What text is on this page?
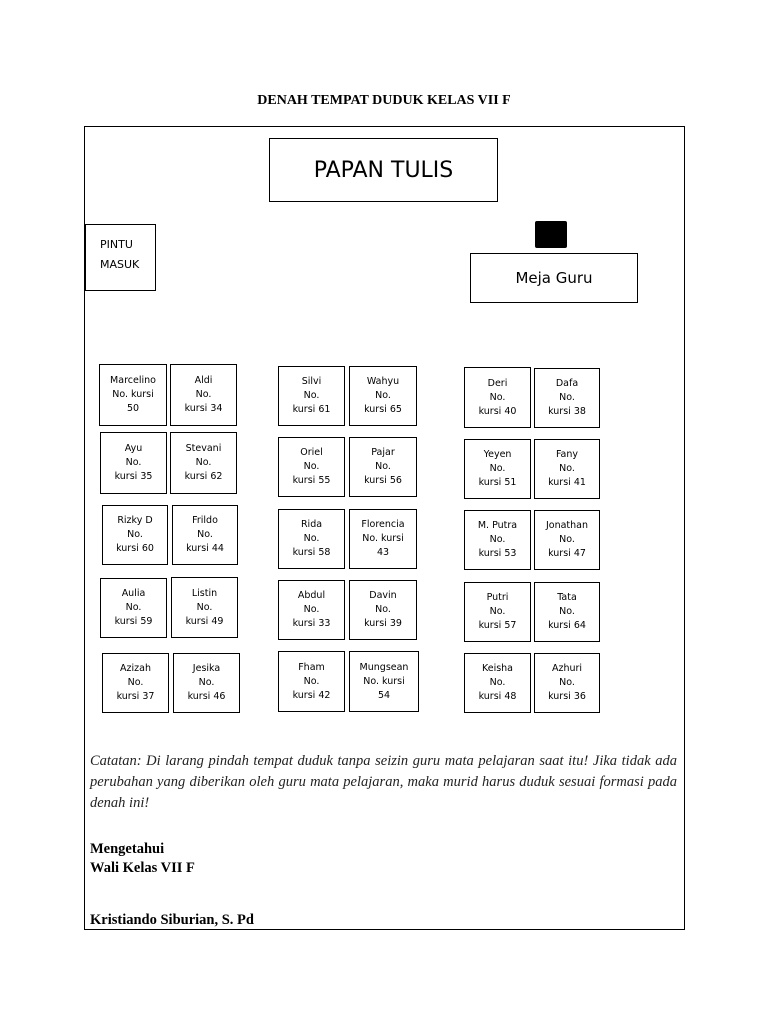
DENAH TEMPAT DUDUK KELAS VII F
PAPAN TULIS
PINTU
MASUK
Meja Guru
Marcelino
No. kursi
50
Aldi
No.
kursi 34
Ayu
No.
kursi 35
Stevani
No.
kursi 62
Rizky D
No.
kursi 60
Frildo
No.
kursi 44
Aulia
No.
kursi 59
Listin
No.
kursi 49
Azizah
No.
kursi 37
Jesika
No.
kursi 46
Silvi
No.
kursi 61
Wahyu
No.
kursi 65
Oriel
No.
kursi 55
Pajar
No.
kursi 56
Rida
No.
kursi 58
Florencia
No. kursi
43
Abdul
No.
kursi 33
Davin
No.
kursi 39
Fham
No.
kursi 42
Mungsean
No. kursi
54
Deri
No.
kursi 40
Dafa
No.
kursi 38
Yeyen
No.
kursi 51
Fany
No.
kursi 41
M. Putra
No.
kursi 53
Jonathan
No.
kursi 47
Putri
No.
kursi 57
Tata
No.
kursi 64
Keisha
No.
kursi 48
Azhuri
No.
kursi 36
Catatan: Di larang pindah tempat duduk tanpa seizin guru mata pelajaran saat itu! Jika tidak ada perubahan yang diberikan oleh guru mata pelajaran, maka murid harus duduk sesuai formasi pada denah ini!
Mengetahui
Wali Kelas VII F
Kristiando Siburian, S. Pd
